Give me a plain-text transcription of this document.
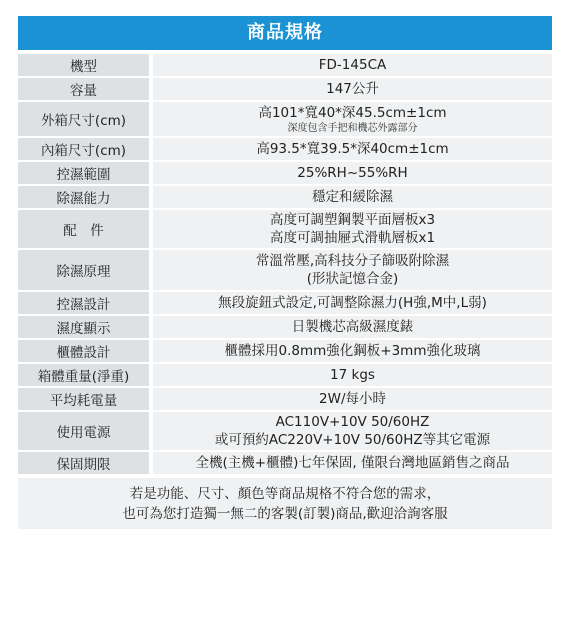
商品規格
機型		FD-145CA

容量		147公升

外箱尺寸(cm)		高101*寬40*深45.5cm±1cm
深度包含手把和機芯外露部分

內箱尺寸(cm)		高93.5*寬39.5*深40cm±1cm

控濕範圍		25%RH~55%RH

除濕能力		穩定和緩除濕

配　件		高度可調塑鋼製平面層板x3
高度可調抽屜式滑軌層板x1

除濕原理		常溫常壓,高科技分子篩吸附除濕
(形狀記憶合金)

控濕設計		無段旋鈕式設定,可調整除濕力(H強,M中,L弱)

濕度顯示		日製機芯高級濕度錶

櫃體設計		櫃體採用0.8mm強化鋼板+3mm強化玻璃

箱體重量(淨重)		17 kgs

平均耗電量		2W/每小時

使用電源		AC110V+10V 50/60HZ
或可預約AC220V+10V 50/60HZ等其它電源

保固期限		全機(主機+櫃體)七年保固, 僅限台灣地區銷售之商品
若是功能、尺寸、顏色等商品規格不符合您的需求，
也可為您打造獨一無二的客製(訂製)商品,歡迎洽詢客服
